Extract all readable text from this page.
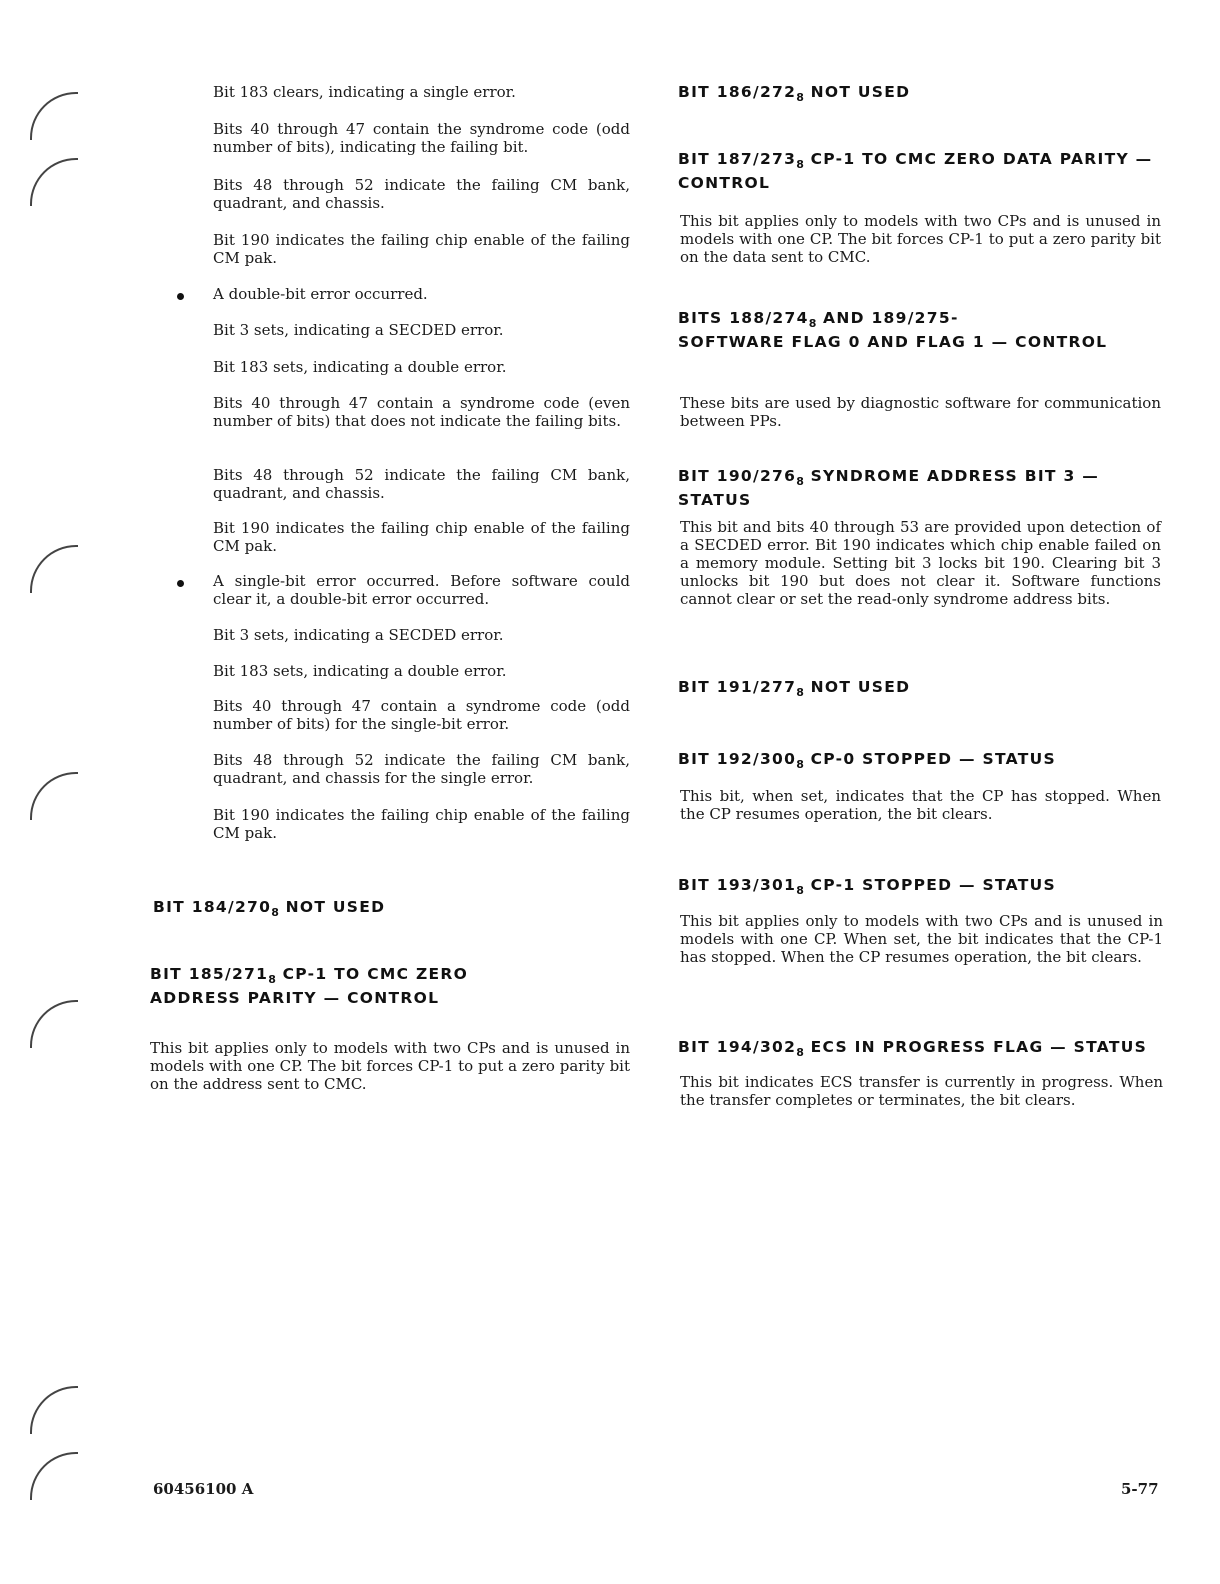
Bit 183 clears, indicating a single error.

Bits 40 through 47 contain the syndrome code (odd number of bits), indicating the failing bit.

Bits 48 through 52 indicate the failing CM bank, quadrant, and chassis.

Bit 190 indicates the failing chip enable of the failing CM pak.

A double-bit error occurred.

Bit 3 sets, indicating a SECDED error.

Bit 183 sets, indicating a double error.

Bits 40 through 47 contain a syndrome code (even number of bits) that does not indicate the failing bits.

Bits 48 through 52 indicate the failing CM bank, quadrant, and chassis.

Bit 190 indicates the failing chip enable of the failing CM pak.

A single-bit error occurred. Before software could clear it, a double-bit error occurred.

Bit 3 sets, indicating a SECDED error.

Bit 183 sets, indicating a double error.

Bits 40 through 47 contain a syndrome code (odd number of bits) for the single-bit error.

Bits 48 through 52 indicate the failing CM bank, quadrant, and chassis for the single error.

Bit 190 indicates the failing chip enable of the failing CM pak.

BIT $184/270_8$ NOT USED
BIT $185/271_8$ CP-1 TO CMC ZERO
ADDRESS PARITY — CONTROL

This bit applies only to models with two CPs and is unused in models with one CP. The bit forces CP-1 to put a zero parity bit on the address sent to CMC.

BIT $186/272_8$ NOT USED
BIT $187/273_8$ CP-1 TO CMC ZERO DATA PARITY —
CONTROL

This bit applies only to models with two CPs and is unused in models with one CP. The bit forces CP-1 to put a zero parity bit on the data sent to CMC.

BITS $188/274_8$ AND 189/275-
SOFTWARE FLAG 0 AND FLAG 1 — CONTROL

These bits are used by diagnostic software for communication between PPs.

BIT $190/276_8$ SYNDROME ADDRESS BIT 3 —
STATUS

This bit and bits 40 through 53 are provided upon detection of a SECDED error. Bit 190 indicates which chip enable failed on a memory module. Setting bit 3 locks bit 190. Clearing bit 3 unlocks bit 190 but does not clear it. Software functions cannot clear or set the read-only syndrome address bits.

BIT $191/277_8$ NOT USED
BIT $192/300_8$ CP-0 STOPPED — STATUS

This bit, when set, indicates that the CP has stopped. When the CP resumes operation, the bit clears.

BIT $193/301_8$ CP-1 STOPPED — STATUS

This bit applies only to models with two CPs and is unused in models with one CP. When set, the bit indicates that the CP-1 has stopped. When the CP resumes operation, the bit clears.

BIT $194/302_8$ ECS IN PROGRESS FLAG — STATUS

This bit indicates ECS transfer is currently in progress. When the transfer completes or terminates, the bit clears.

60456100 A	5-77
